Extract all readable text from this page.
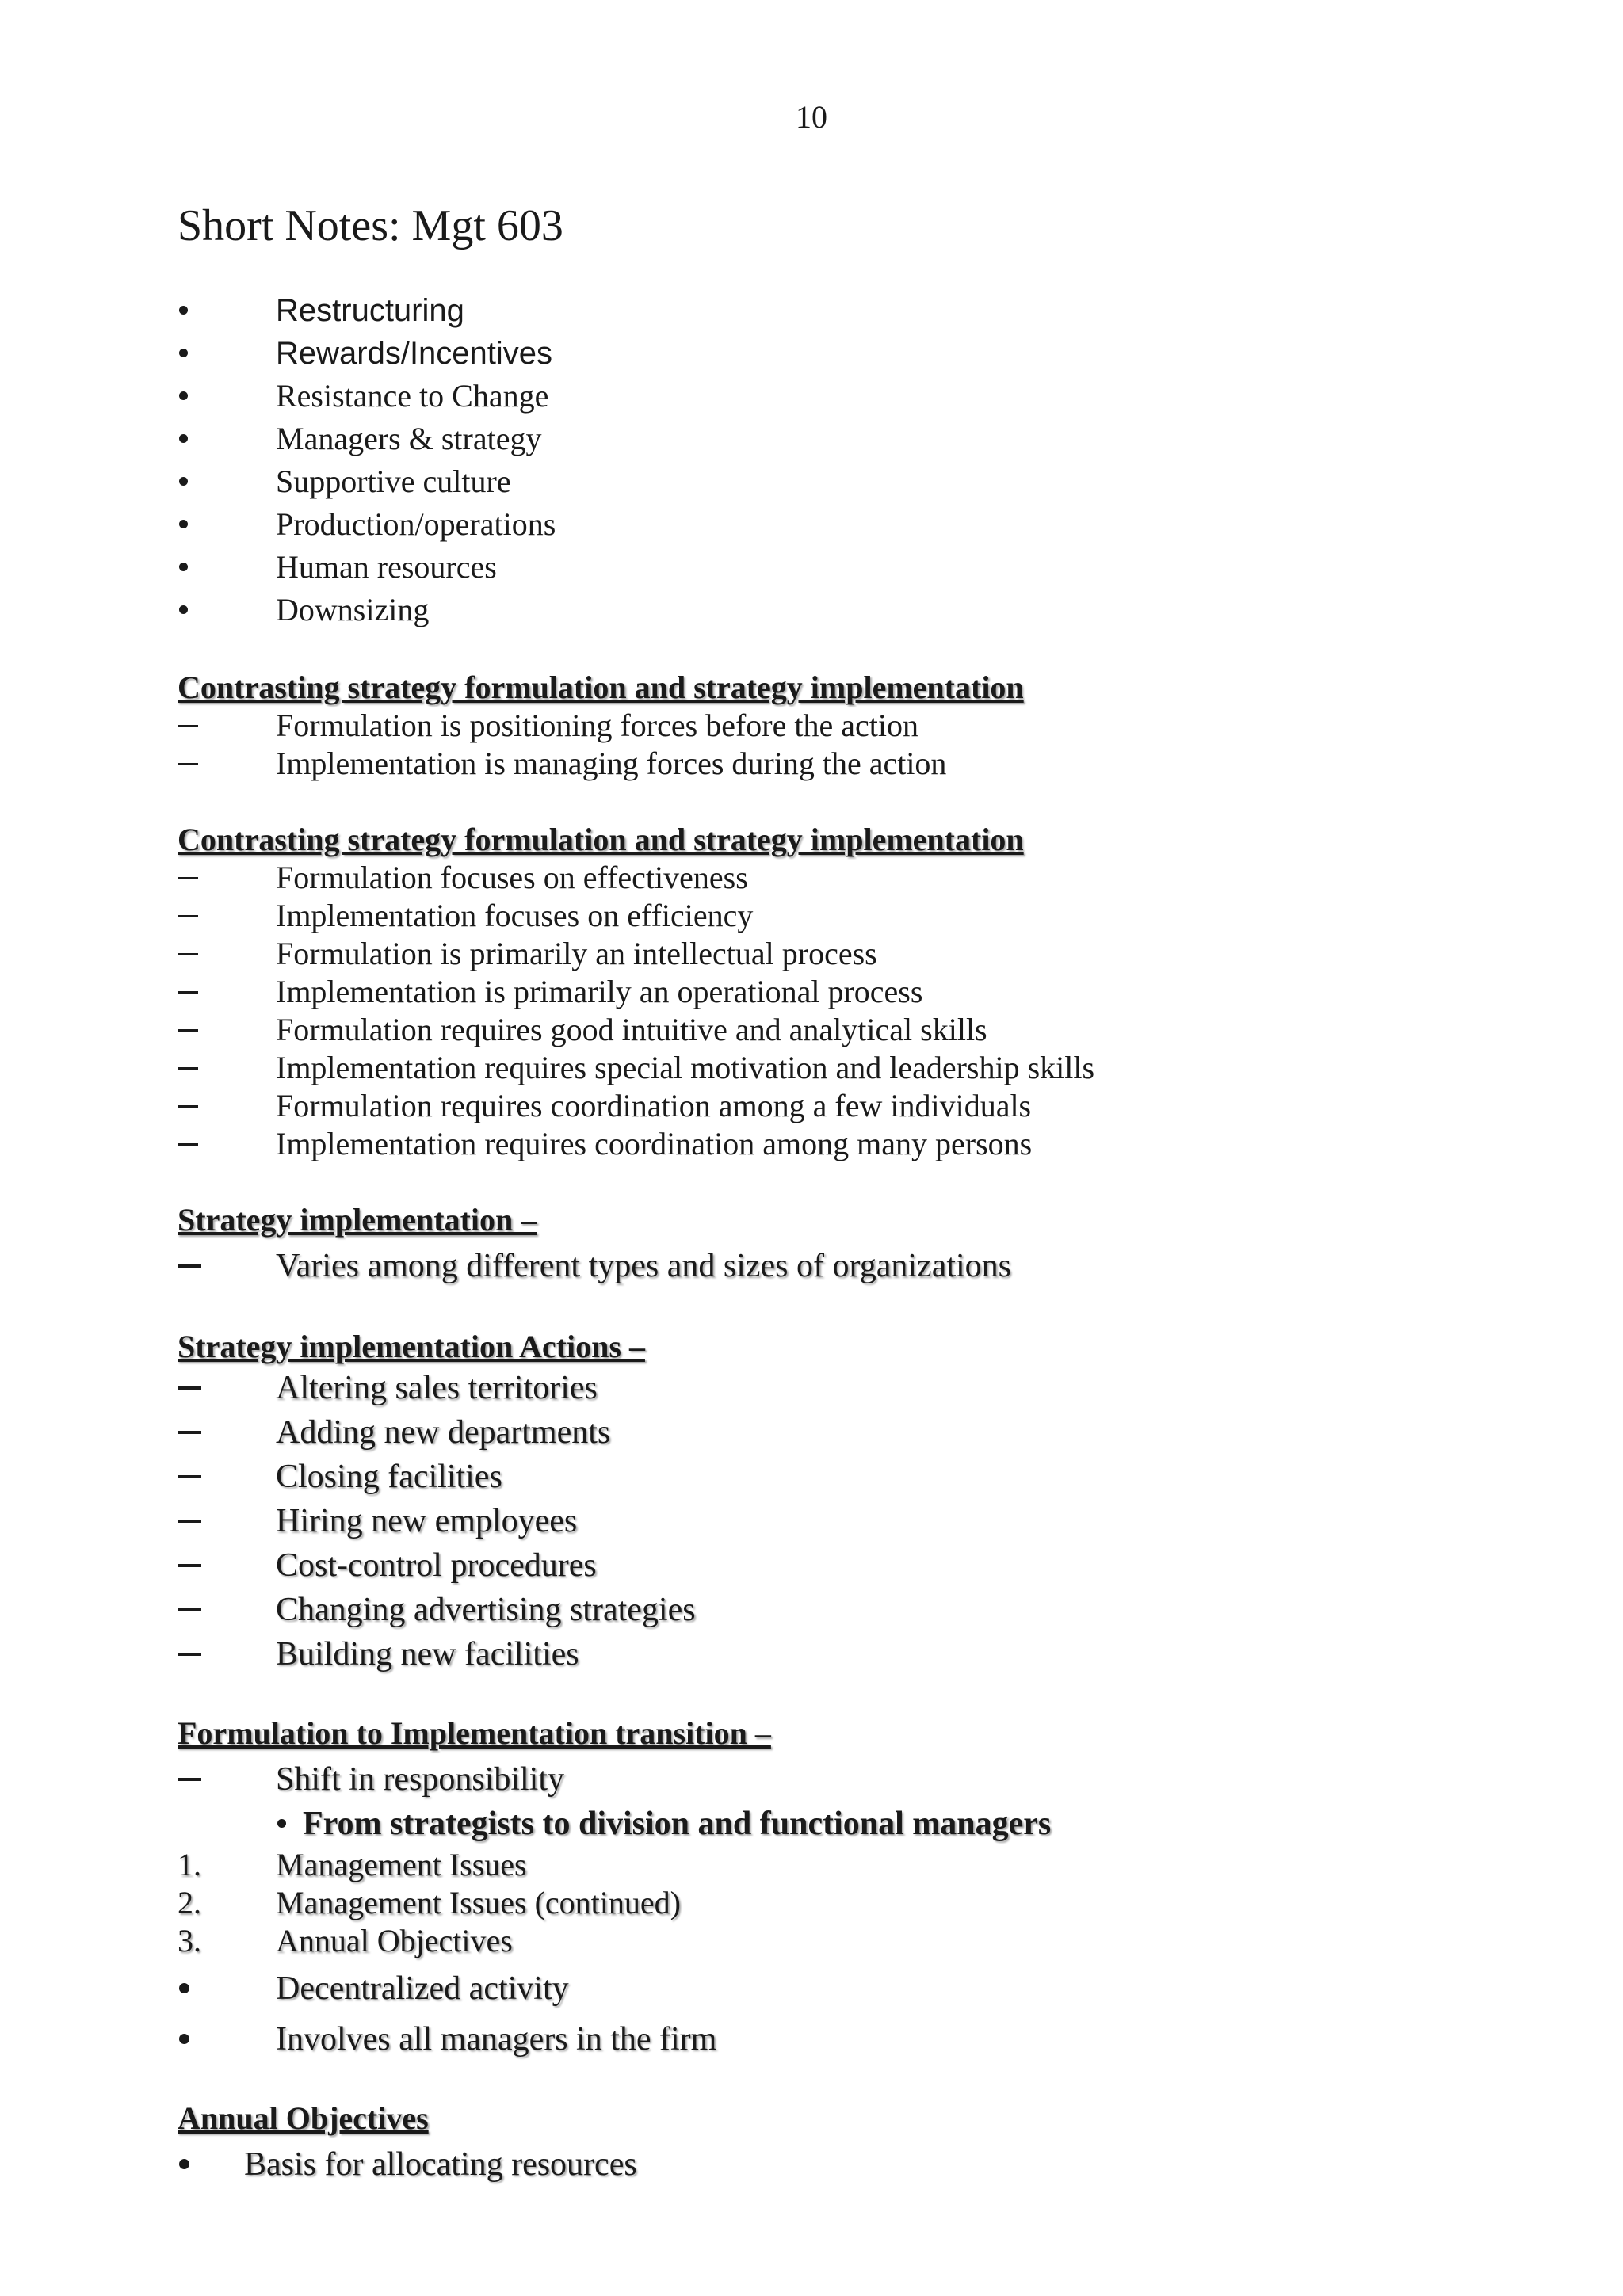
10
Short Notes: Mgt 603
Restructuring
Rewards/Incentives
Resistance to Change
Managers & strategy
Supportive culture
Production/operations
Human resources
Downsizing
Contrasting strategy formulation and strategy implementation
Formulation is positioning forces before the action
Implementation is managing forces during the action
Contrasting strategy formulation and strategy implementation
Formulation focuses on effectiveness
Implementation focuses on efficiency
Formulation is primarily an intellectual process
Implementation is primarily an operational process
Formulation requires good intuitive and analytical skills
Implementation requires special motivation and leadership skills
Formulation requires coordination among a few individuals
Implementation requires coordination among many persons
Strategy implementation –
Varies among different types and sizes of organizations
Strategy implementation Actions –
Altering sales territories
Adding new departments
Closing facilities
Hiring new employees
Cost-control procedures
Changing advertising strategies
Building new facilities
Formulation to Implementation transition –
Shift in responsibility
From strategists to division and functional managers
1.	Management Issues
2.	Management Issues (continued)
3.	Annual Objectives
Decentralized activity
Involves all managers in the firm
Annual Objectives
Basis for allocating resources
